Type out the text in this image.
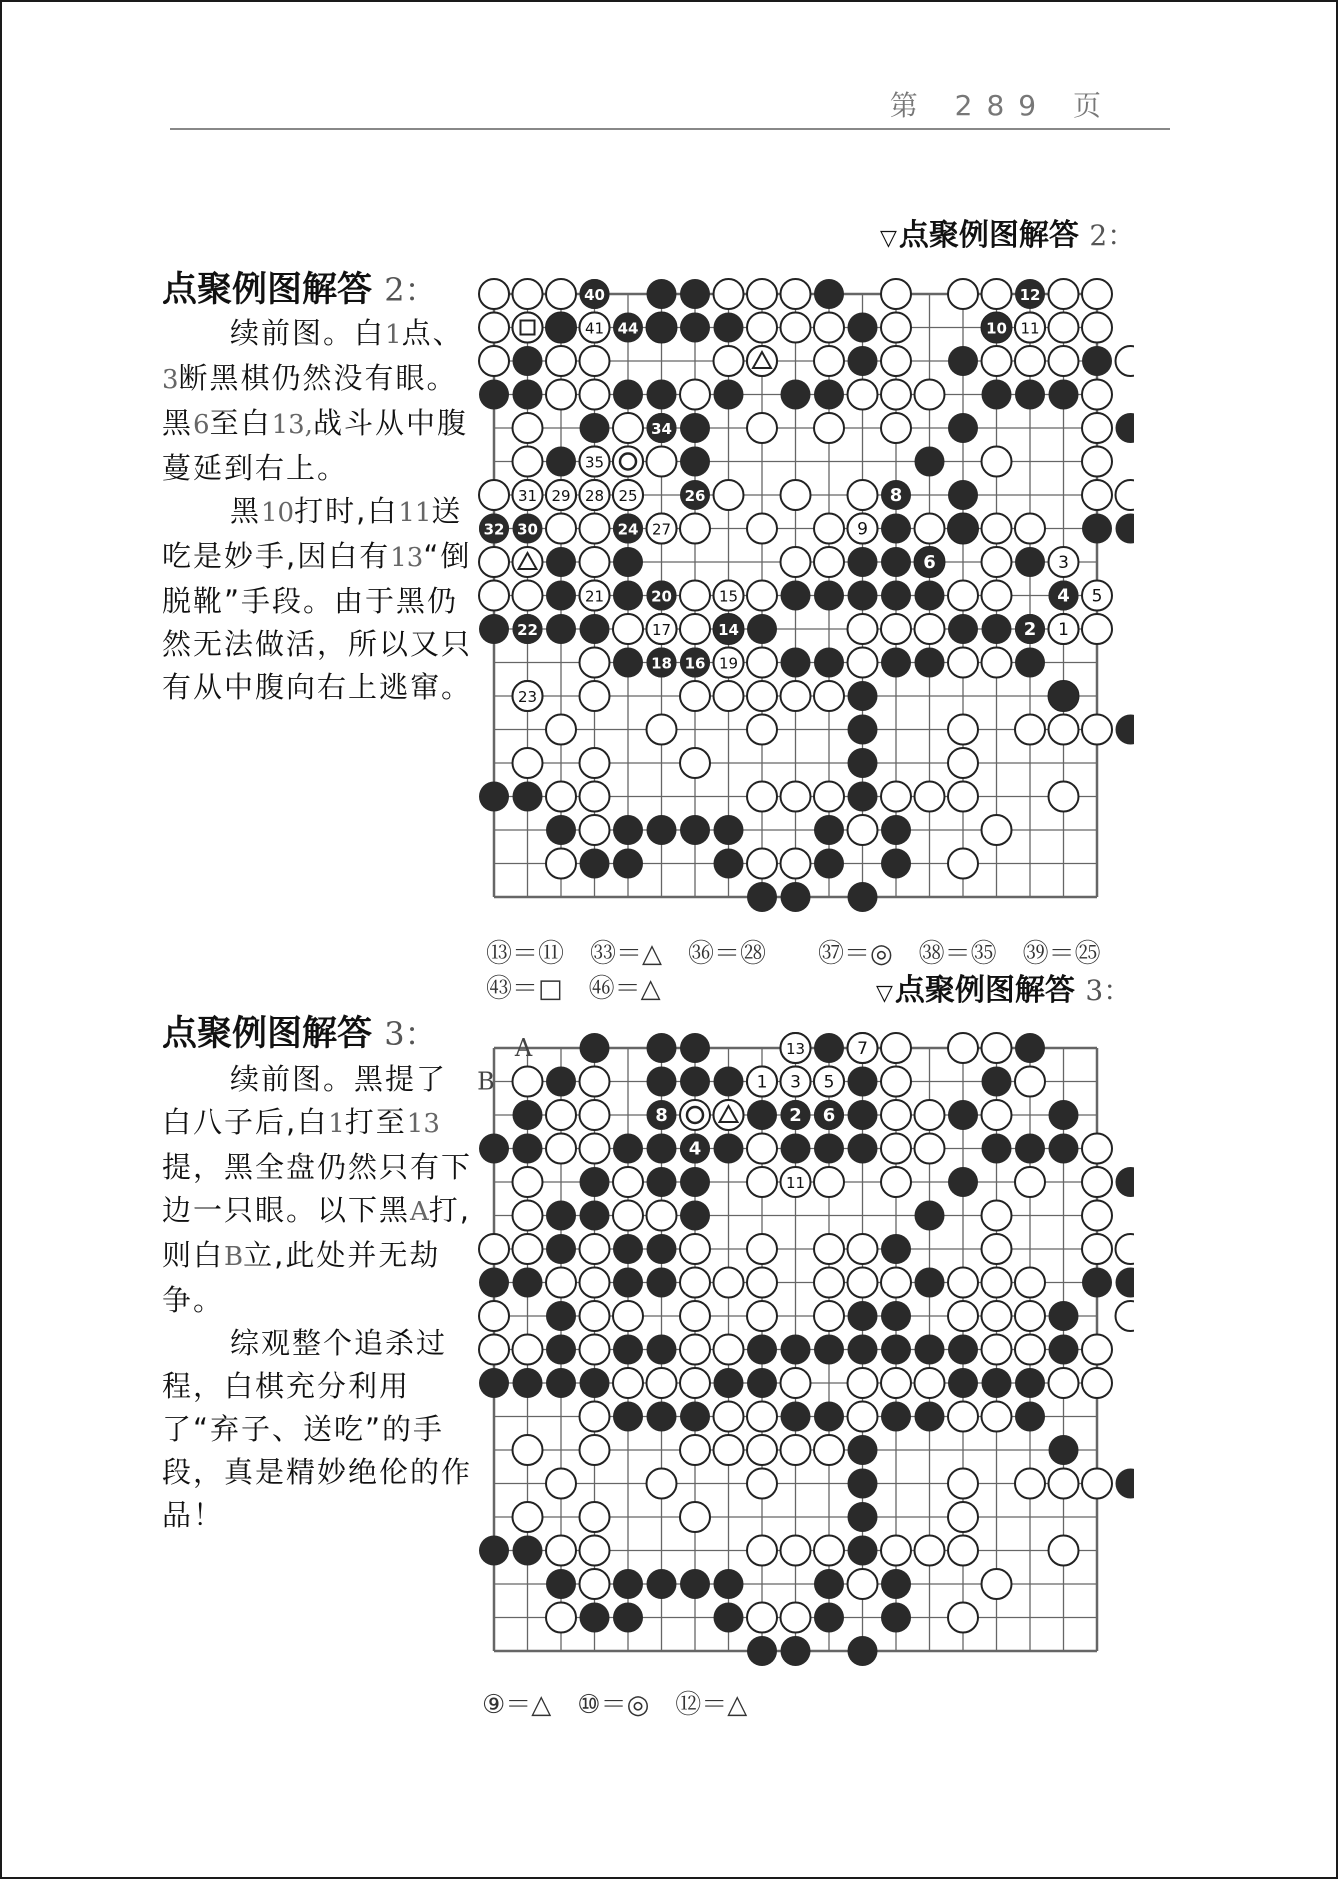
第 289 页
▽点聚例图解答 2：
点聚例图解答 2：

续前图。白1点、3断黑棋仍然没有眼。黑6至白13,战斗从中腹蔓延到右上。

黑10打时,白11送吃是妙手,因白有13“倒脱靴”手段。由于黑仍然无法做活，所以又只有从中腹向右上逃窜。

41	11
35
31 29 28 25
27	9
3
21	15	5
17	1
19
23
40	12
44	10
34
26	8
32 30	24
6
20	4
22	14	2
18 16
⑬＝⑪　㉝＝△　㊱＝㉘　　㊲＝◎　㊳＝㉟　㊴＝㉕
㊸＝□　㊻＝△	▽点聚例图解答 3：
点聚例图解答 3：

续前图。黑提了白八子后,白1打至13提，黑全盘仍然只有下边一只眼。以下黑A打,则白B立,此处并无劫争。

综观整个追杀过程，白棋充分利用了“弃子、送吃”的手段，真是精妙绝伦的作品！

13	7
1 3 5
11
8	2 6
4
A
B
⑨＝△　⑩＝◎　⑫＝△
